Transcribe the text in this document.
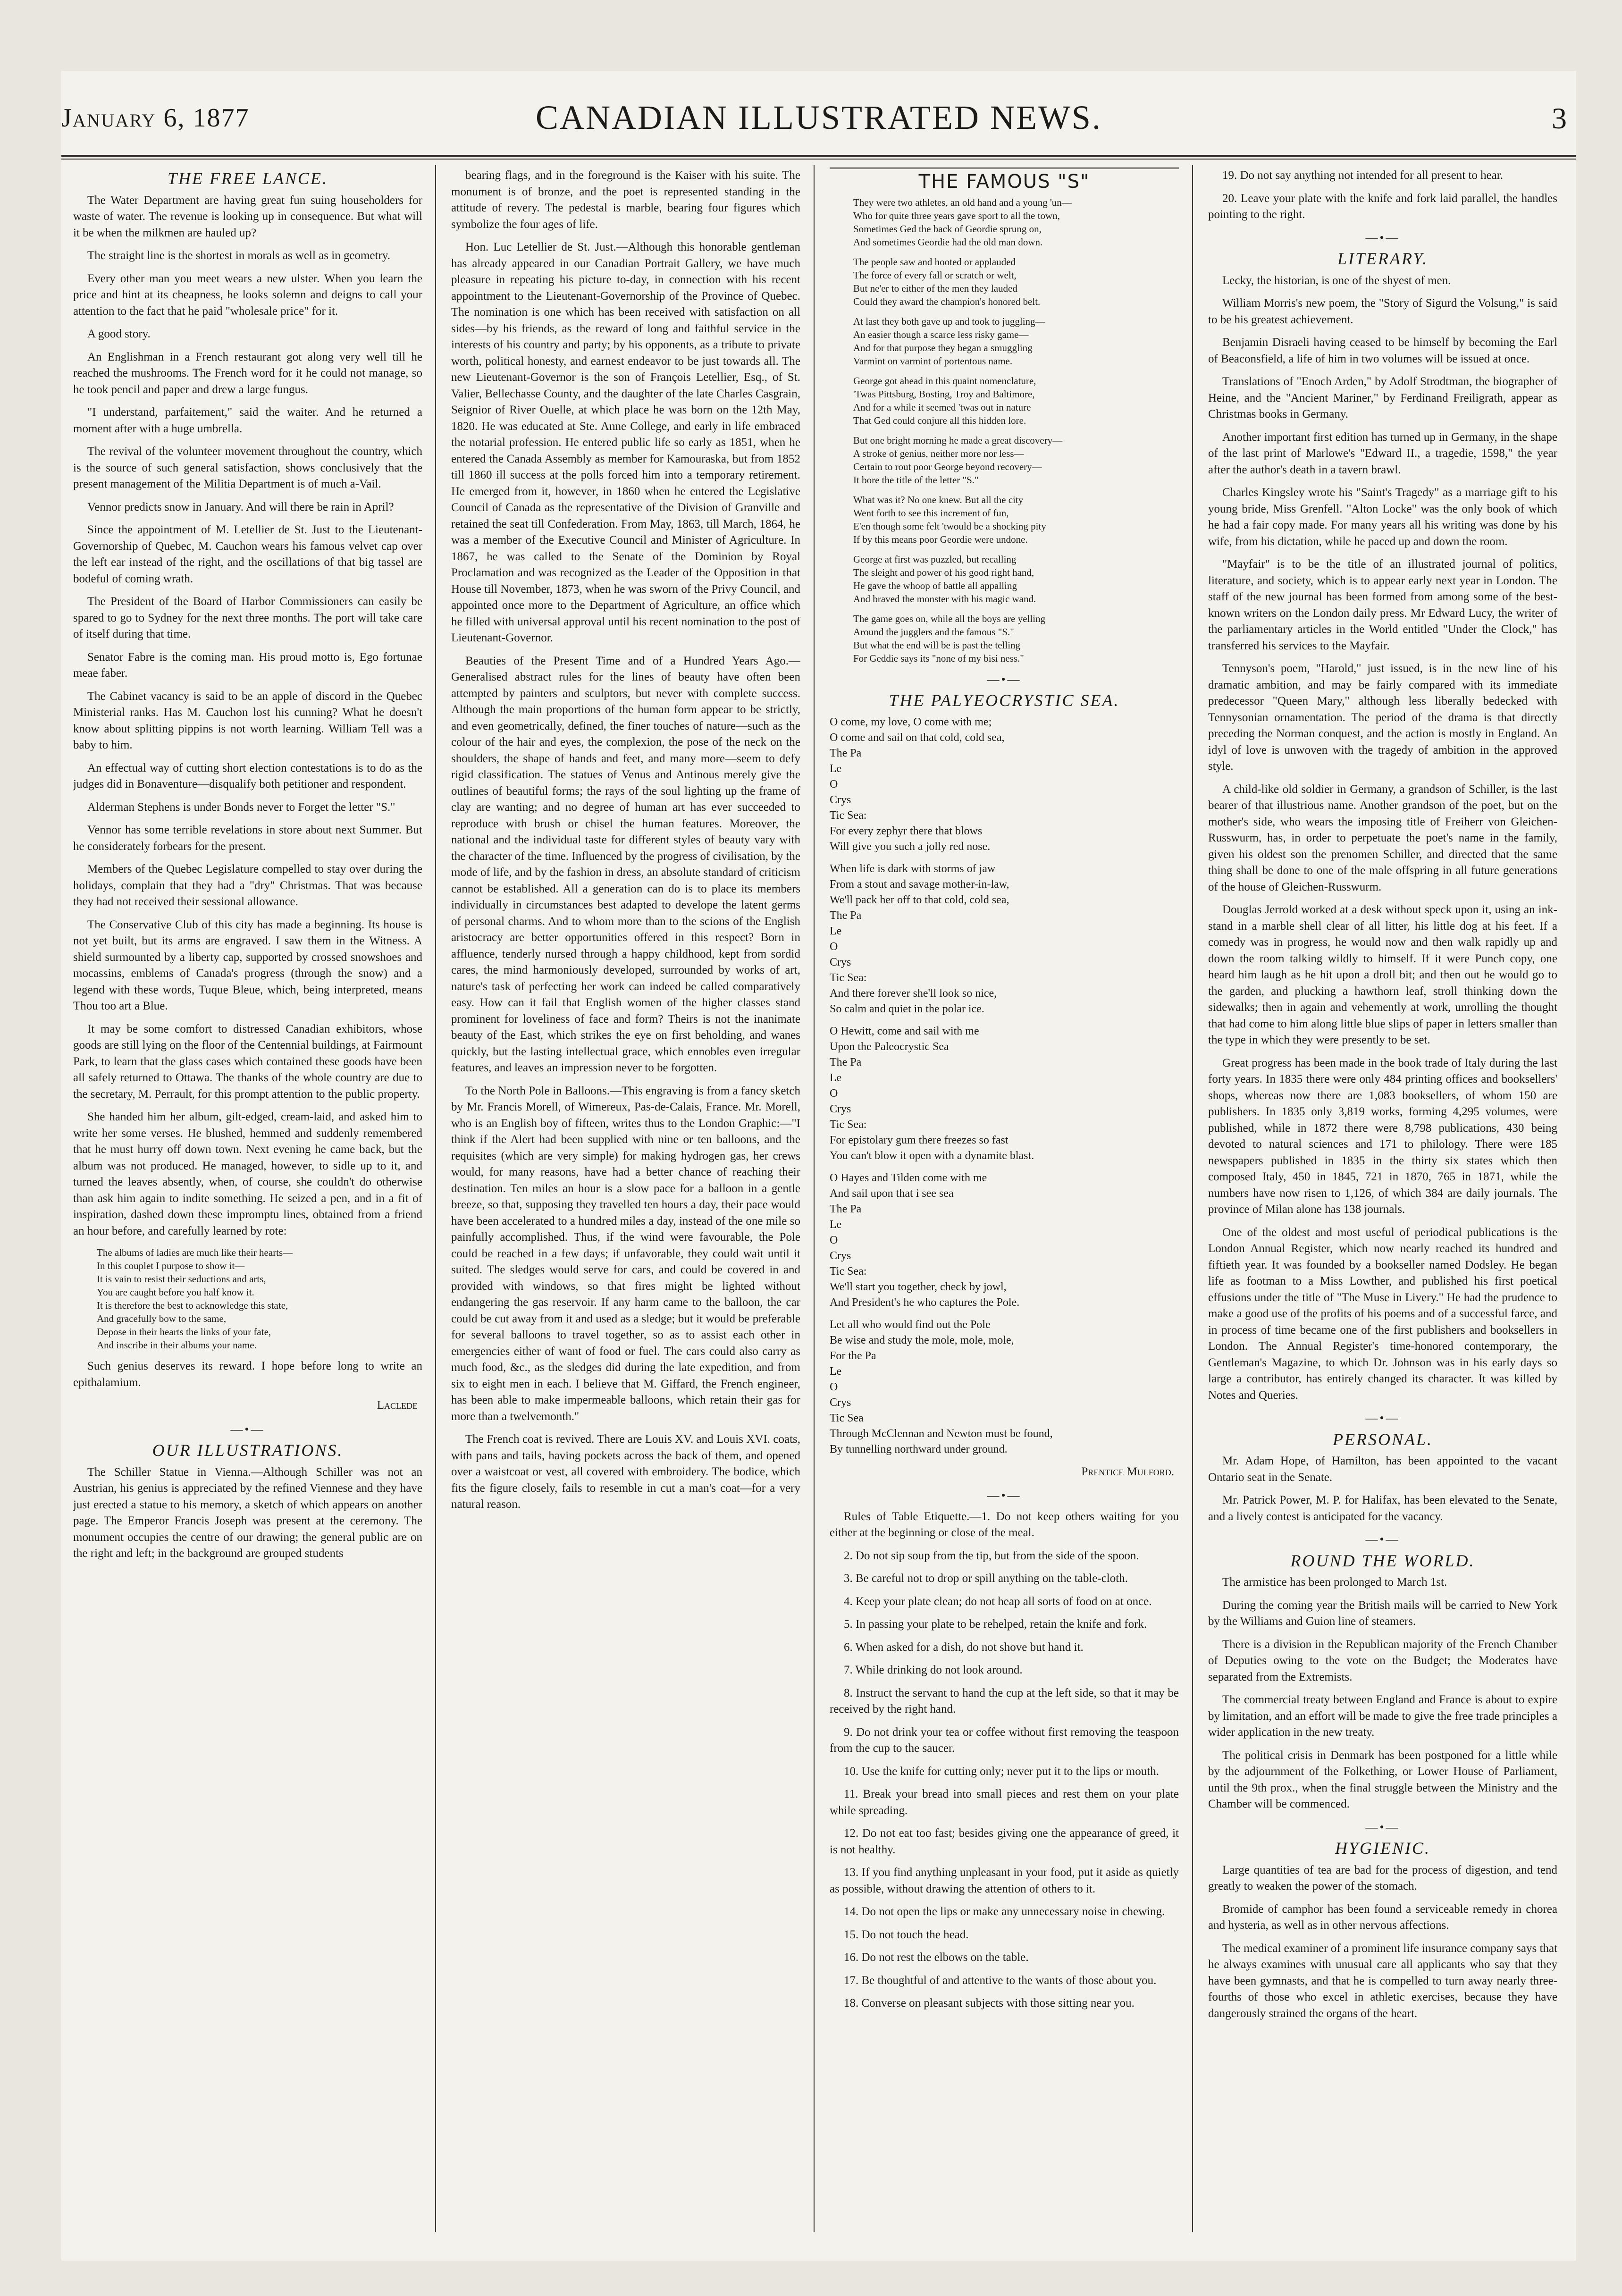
January 6, 1877	CANADIAN ILLUSTRATED NEWS.	3
THE FREE LANCE.

The Water Department are having great fun suing householders for waste of water. The revenue is looking up in consequence. But what will it be when the milkmen are hauled up?

The straight line is the shortest in morals as well as in geometry.

Every other man you meet wears a new ulster. When you learn the price and hint at its cheapness, he looks solemn and deigns to call your attention to the fact that he paid "wholesale price" for it.

A good story.

An Englishman in a French restaurant got along very well till he reached the mushrooms. The French word for it he could not manage, so he took pencil and paper and drew a large fungus.

"I understand, parfaitement," said the waiter. And he returned a moment after with a huge umbrella.

The revival of the volunteer movement throughout the country, which is the source of such general satisfaction, shows conclusively that the present management of the Militia Department is of much a-Vail.

Vennor predicts snow in January. And will there be rain in April?

Since the appointment of M. Letellier de St. Just to the Lieutenant-Governorship of Quebec, M. Cauchon wears his famous velvet cap over the left ear instead of the right, and the oscillations of that big tassel are bodeful of coming wrath.

The President of the Board of Harbor Commissioners can easily be spared to go to Sydney for the next three months. The port will take care of itself during that time.

Senator Fabre is the coming man. His proud motto is, Ego fortunae meae faber.

The Cabinet vacancy is said to be an apple of discord in the Quebec Ministerial ranks. Has M. Cauchon lost his cunning? What he doesn't know about splitting pippins is not worth learning. William Tell was a baby to him.

An effectual way of cutting short election contestations is to do as the judges did in Bonaventure—disqualify both petitioner and respondent.

Alderman Stephens is under Bonds never to Forget the letter "S."

Vennor has some terrible revelations in store about next Summer. But he considerately forbears for the present.

Members of the Quebec Legislature compelled to stay over during the holidays, complain that they had a "dry" Christmas. That was because they had not received their sessional allowance.

The Conservative Club of this city has made a beginning. Its house is not yet built, but its arms are engraved. I saw them in the Witness. A shield surmounted by a liberty cap, supported by crossed snowshoes and mocassins, emblems of Canada's progress (through the snow) and a legend with these words, Tuque Bleue, which, being interpreted, means Thou too art a Blue.

It may be some comfort to distressed Canadian exhibitors, whose goods are still lying on the floor of the Centennial buildings, at Fairmount Park, to learn that the glass cases which contained these goods have been all safely returned to Ottawa. The thanks of the whole country are due to the secretary, M. Perrault, for this prompt attention to the public property.

She handed him her album, gilt-edged, cream-laid, and asked him to write her some verses. He blushed, hemmed and suddenly remembered that he must hurry off down town. Next evening he came back, but the album was not produced. He managed, however, to sidle up to it, and turned the leaves absently, when, of course, she couldn't do otherwise than ask him again to indite something. He seized a pen, and in a fit of inspiration, dashed down these impromptu lines, obtained from a friend an hour before, and carefully learned by rote:

The albums of ladies are much like their hearts—
In this couplet I purpose to show it—
It is vain to resist their seductions and arts,
You are caught before you half know it.
It is therefore the best to acknowledge this state,
And gracefully bow to the same,
Depose in their hearts the links of your fate,
And inscribe in their albums your name.

Such genius deserves its reward. I hope before long to write an epithalamium.

Laclede
—•—
OUR ILLUSTRATIONS.

The Schiller Statue in Vienna.—Although Schiller was not an Austrian, his genius is appreciated by the refined Viennese and they have just erected a statue to his memory, a sketch of which appears on another page. The Emperor Francis Joseph was present at the ceremony. The monument occupies the centre of our drawing; the general public are on the right and left; in the background are grouped students

bearing flags, and in the foreground is the Kaiser with his suite. The monument is of bronze, and the poet is represented standing in the attitude of revery. The pedestal is marble, bearing four figures which symbolize the four ages of life.

Hon. Luc Letellier de St. Just.—Although this honorable gentleman has already appeared in our Canadian Portrait Gallery, we have much pleasure in repeating his picture to-day, in connection with his recent appointment to the Lieutenant-Governorship of the Province of Quebec. The nomination is one which has been received with satisfaction on all sides—by his friends, as the reward of long and faithful service in the interests of his country and party; by his opponents, as a tribute to private worth, political honesty, and earnest endeavor to be just towards all. The new Lieutenant-Governor is the son of François Letellier, Esq., of St. Valier, Bellechasse County, and the daughter of the late Charles Casgrain, Seignior of River Ouelle, at which place he was born on the 12th May, 1820. He was educated at Ste. Anne College, and early in life embraced the notarial profession. He entered public life so early as 1851, when he entered the Canada Assembly as member for Kamouraska, but from 1852 till 1860 ill success at the polls forced him into a temporary retirement. He emerged from it, however, in 1860 when he entered the Legislative Council of Canada as the representative of the Division of Granville and retained the seat till Confederation. From May, 1863, till March, 1864, he was a member of the Executive Council and Minister of Agriculture. In 1867, he was called to the Senate of the Dominion by Royal Proclamation and was recognized as the Leader of the Opposition in that House till November, 1873, when he was sworn of the Privy Council, and appointed once more to the Department of Agriculture, an office which he filled with universal approval until his recent nomination to the post of Lieutenant-Governor.

Beauties of the Present Time and of a Hundred Years Ago.—Generalised abstract rules for the lines of beauty have often been attempted by painters and sculptors, but never with complete success. Although the main proportions of the human form appear to be strictly, and even geometrically, defined, the finer touches of nature—such as the colour of the hair and eyes, the complexion, the pose of the neck on the shoulders, the shape of hands and feet, and many more—seem to defy rigid classification. The statues of Venus and Antinous merely give the outlines of beautiful forms; the rays of the soul lighting up the frame of clay are wanting; and no degree of human art has ever succeeded to reproduce with brush or chisel the human features. Moreover, the national and the individual taste for different styles of beauty vary with the character of the time. Influenced by the progress of civilisation, by the mode of life, and by the fashion in dress, an absolute standard of criticism cannot be established. All a generation can do is to place its members individually in circumstances best adapted to develope the latent germs of personal charms. And to whom more than to the scions of the English aristocracy are better opportunities offered in this respect? Born in affluence, tenderly nursed through a happy childhood, kept from sordid cares, the mind harmoniously developed, surrounded by works of art, nature's task of perfecting her work can indeed be called comparatively easy. How can it fail that English women of the higher classes stand prominent for loveliness of face and form? Theirs is not the inanimate beauty of the East, which strikes the eye on first beholding, and wanes quickly, but the lasting intellectual grace, which ennobles even irregular features, and leaves an impression never to be forgotten.

To the North Pole in Balloons.—This engraving is from a fancy sketch by Mr. Francis Morell, of Wimereux, Pas-de-Calais, France. Mr. Morell, who is an English boy of fifteen, writes thus to the London Graphic:—"I think if the Alert had been supplied with nine or ten balloons, and the requisites (which are very simple) for making hydrogen gas, her crews would, for many reasons, have had a better chance of reaching their destination. Ten miles an hour is a slow pace for a balloon in a gentle breeze, so that, supposing they travelled ten hours a day, their pace would have been accelerated to a hundred miles a day, instead of the one mile so painfully accomplished. Thus, if the wind were favourable, the Pole could be reached in a few days; if unfavorable, they could wait until it suited. The sledges would serve for cars, and could be covered in and provided with windows, so that fires might be lighted without endangering the gas reservoir. If any harm came to the balloon, the car could be cut away from it and used as a sledge; but it would be preferable for several balloons to travel together, so as to assist each other in emergencies either of want of food or fuel. The cars could also carry as much food, &c., as the sledges did during the late expedition, and from six to eight men in each. I believe that M. Giffard, the French engineer, has been able to make impermeable balloons, which retain their gas for more than a twelvemonth."

The French coat is revived. There are Louis XV. and Louis XVI. coats, with pans and tails, having pockets across the back of them, and opened over a waistcoat or vest, all covered with embroidery. The bodice, which fits the figure closely, fails to resemble in cut a man's coat—for a very natural reason.

THE FAMOUS "S"
They were two athletes, an old hand and a young 'un—
Who for quite three years gave sport to all the town,
Sometimes Ged the back of Geordie sprung on,
And sometimes Geordie had the old man down.
The people saw and hooted or applauded
The force of every fall or scratch or welt,
But ne'er to either of the men they lauded
Could they award the champion's honored belt.
At last they both gave up and took to juggling—
An easier though a scarce less risky game—
And for that purpose they began a smuggling
Varmint on varmint of portentous name.
George got ahead in this quaint nomenclature,
'Twas Pittsburg, Bosting, Troy and Baltimore,
And for a while it seemed 'twas out in nature
That Ged could conjure all this hidden lore.
But one bright morning he made a great discovery—
A stroke of genius, neither more nor less—
Certain to rout poor George beyond recovery—
It bore the title of the letter "S."
What was it? No one knew. But all the city
Went forth to see this increment of fun,
E'en though some felt 'twould be a shocking pity
If by this means poor Geordie were undone.
George at first was puzzled, but recalling
The sleight and power of his good right hand,
He gave the whoop of battle all appalling
And braved the monster with his magic wand.
The game goes on, while all the boys are yelling
Around the jugglers and the famous "S."
But what the end will be is past the telling
For Geddie says its "none of my bisi ness."
—•—
THE PALYEOCRYSTIC SEA.
O come, my love, O come with me;
O come and sail on that cold, cold sea,
The Pa
Le
O
Crys
Tic Sea:
For every zephyr there that blows
Will give you such a jolly red nose.
When life is dark with storms of jaw
From a stout and savage mother-in-law,
We'll pack her off to that cold, cold sea,
The Pa
Le
O
Crys
Tic Sea:
And there forever she'll look so nice,
So calm and quiet in the polar ice.
O Hewitt, come and sail with me
Upon the Paleocrystic Sea
The Pa
Le
O
Crys
Tic Sea:
For epistolary gum there freezes so fast
You can't blow it open with a dynamite blast.
O Hayes and Tilden come with me
And sail upon that i see sea
The Pa
Le
O
Crys
Tic Sea:
We'll start you together, check by jowl,
And President's he who captures the Pole.
Let all who would find out the Pole
Be wise and study the mole, mole, mole,
For the Pa
Le
O
Crys
Tic Sea
Through McClennan and Newton must be found,
By tunnelling northward under ground.
Prentice Mulford.
—•—

Rules of Table Etiquette.—1. Do not keep others waiting for you either at the beginning or close of the meal.

2. Do not sip soup from the tip, but from the side of the spoon.

3. Be careful not to drop or spill anything on the table-cloth.

4. Keep your plate clean; do not heap all sorts of food on at once.

5. In passing your plate to be rehelped, retain the knife and fork.

6. When asked for a dish, do not shove but hand it.

7. While drinking do not look around.

8. Instruct the servant to hand the cup at the left side, so that it may be received by the right hand.

9. Do not drink your tea or coffee without first removing the teaspoon from the cup to the saucer.

10. Use the knife for cutting only; never put it to the lips or mouth.

11. Break your bread into small pieces and rest them on your plate while spreading.

12. Do not eat too fast; besides giving one the appearance of greed, it is not healthy.

13. If you find anything unpleasant in your food, put it aside as quietly as possible, without drawing the attention of others to it.

14. Do not open the lips or make any unnecessary noise in chewing.

15. Do not touch the head.

16. Do not rest the elbows on the table.

17. Be thoughtful of and attentive to the wants of those about you.

18. Converse on pleasant subjects with those sitting near you.

19. Do not say anything not intended for all present to hear.

20. Leave your plate with the knife and fork laid parallel, the handles pointing to the right.

—•—
LITERARY.

Lecky, the historian, is one of the shyest of men.

William Morris's new poem, the "Story of Sigurd the Volsung," is said to be his greatest achievement.

Benjamin Disraeli having ceased to be himself by becoming the Earl of Beaconsfield, a life of him in two volumes will be issued at once.

Translations of "Enoch Arden," by Adolf Strodtman, the biographer of Heine, and the "Ancient Mariner," by Ferdinand Freiligrath, appear as Christmas books in Germany.

Another important first edition has turned up in Germany, in the shape of the last print of Marlowe's "Edward II., a tragedie, 1598," the year after the author's death in a tavern brawl.

Charles Kingsley wrote his "Saint's Tragedy" as a marriage gift to his young bride, Miss Grenfell. "Alton Locke" was the only book of which he had a fair copy made. For many years all his writing was done by his wife, from his dictation, while he paced up and down the room.

"Mayfair" is to be the title of an illustrated journal of politics, literature, and society, which is to appear early next year in London. The staff of the new journal has been formed from among some of the best-known writers on the London daily press. Mr Edward Lucy, the writer of the parliamentary articles in the World entitled "Under the Clock," has transferred his services to the Mayfair.

Tennyson's poem, "Harold," just issued, is in the new line of his dramatic ambition, and may be fairly compared with its immediate predecessor "Queen Mary," although less liberally bedecked with Tennysonian ornamentation. The period of the drama is that directly preceding the Norman conquest, and the action is mostly in England. An idyl of love is unwoven with the tragedy of ambition in the approved style.

A child-like old soldier in Germany, a grandson of Schiller, is the last bearer of that illustrious name. Another grandson of the poet, but on the mother's side, who wears the imposing title of Freiherr von Gleichen-Russwurm, has, in order to perpetuate the poet's name in the family, given his oldest son the prenomen Schiller, and directed that the same thing shall be done to one of the male offspring in all future generations of the house of Gleichen-Russwurm.

Douglas Jerrold worked at a desk without speck upon it, using an ink-stand in a marble shell clear of all litter, his little dog at his feet. If a comedy was in progress, he would now and then walk rapidly up and down the room talking wildly to himself. If it were Punch copy, one heard him laugh as he hit upon a droll bit; and then out he would go to the garden, and plucking a hawthorn leaf, stroll thinking down the sidewalks; then in again and vehemently at work, unrolling the thought that had come to him along little blue slips of paper in letters smaller than the type in which they were presently to be set.

Great progress has been made in the book trade of Italy during the last forty years. In 1835 there were only 484 printing offices and booksellers' shops, whereas now there are 1,083 booksellers, of whom 150 are publishers. In 1835 only 3,819 works, forming 4,295 volumes, were published, while in 1872 there were 8,798 publications, 430 being devoted to natural sciences and 171 to philology. There were 185 newspapers published in 1835 in the thirty six states which then composed Italy, 450 in 1845, 721 in 1870, 765 in 1871, while the numbers have now risen to 1,126, of which 384 are daily journals. The province of Milan alone has 138 journals.

One of the oldest and most useful of periodical publications is the London Annual Register, which now nearly reached its hundred and fiftieth year. It was founded by a bookseller named Dodsley. He began life as footman to a Miss Lowther, and published his first poetical effusions under the title of "The Muse in Livery." He had the prudence to make a good use of the profits of his poems and of a successful farce, and in process of time became one of the first publishers and booksellers in London. The Annual Register's time-honored contemporary, the Gentleman's Magazine, to which Dr. Johnson was in his early days so large a contributor, has entirely changed its character. It was killed by Notes and Queries.

—•—
PERSONAL.

Mr. Adam Hope, of Hamilton, has been appointed to the vacant Ontario seat in the Senate.

Mr. Patrick Power, M. P. for Halifax, has been elevated to the Senate, and a lively contest is anticipated for the vacancy.

—•—
ROUND THE WORLD.

The armistice has been prolonged to March 1st.

During the coming year the British mails will be carried to New York by the Williams and Guion line of steamers.

There is a division in the Republican majority of the French Chamber of Deputies owing to the vote on the Budget; the Moderates have separated from the Extremists.

The commercial treaty between England and France is about to expire by limitation, and an effort will be made to give the free trade principles a wider application in the new treaty.

The political crisis in Denmark has been postponed for a little while by the adjournment of the Folkething, or Lower House of Parliament, until the 9th prox., when the final struggle between the Ministry and the Chamber will be commenced.

—•—
HYGIENIC.

Large quantities of tea are bad for the process of digestion, and tend greatly to weaken the power of the stomach.

Bromide of camphor has been found a serviceable remedy in chorea and hysteria, as well as in other nervous affections.

The medical examiner of a prominent life insurance company says that he always examines with unusual care all applicants who say that they have been gymnasts, and that he is compelled to turn away nearly three-fourths of those who excel in athletic exercises, because they have dangerously strained the organs of the heart.
